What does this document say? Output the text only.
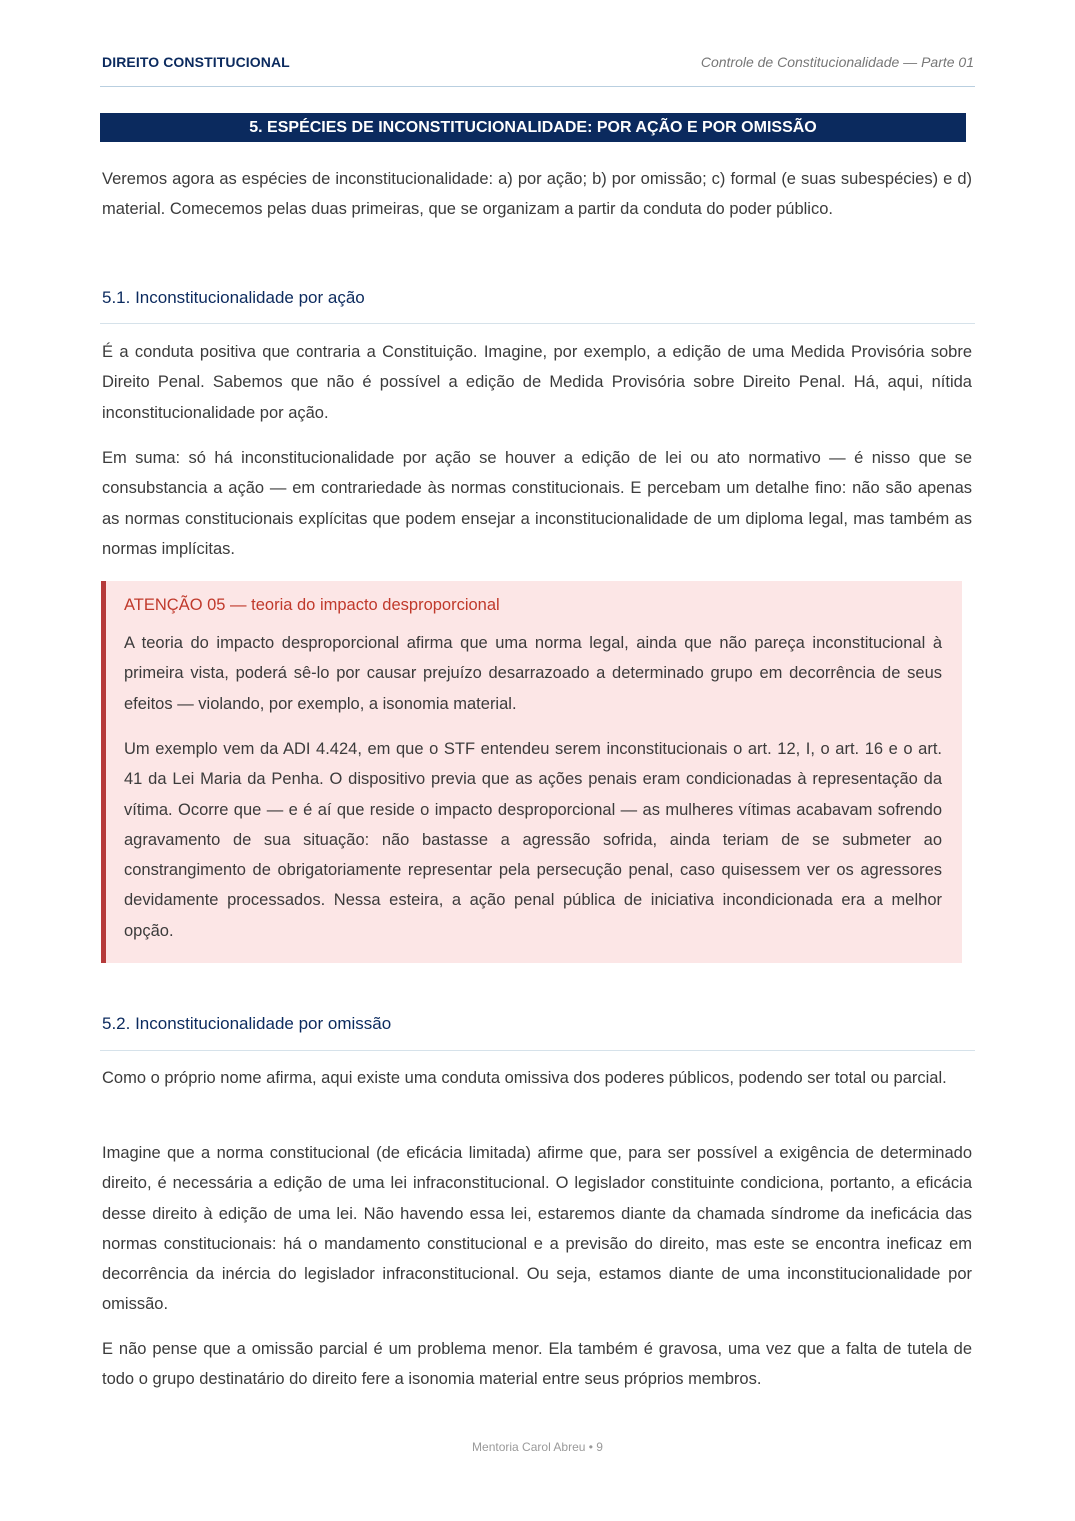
DIREITO CONSTITUCIONAL	Controle de Constitucionalidade — Parte 01
5. ESPÉCIES DE INCONSTITUCIONALIDADE: POR AÇÃO E POR OMISSÃO

Veremos agora as espécies de inconstitucionalidade: a) por ação; b) por omissão; c) formal (e suas subespécies) e d) material. Comecemos pelas duas primeiras, que se organizam a partir da conduta do poder público.

5.1. Inconstitucionalidade por ação

É a conduta positiva que contraria a Constituição. Imagine, por exemplo, a edição de uma Medida Provisória sobre Direito Penal. Sabemos que não é possível a edição de Medida Provisória sobre Direito Penal. Há, aqui, nítida inconstitucionalidade por ação.

Em suma: só há inconstitucionalidade por ação se houver a edição de lei ou ato normativo — é nisso que se consubstancia a ação — em contrariedade às normas constitucionais. E percebam um detalhe fino: não são apenas as normas constitucionais explícitas que podem ensejar a inconstitucionalidade de um diploma legal, mas também as normas implícitas.

ATENÇÃO 05 — teoria do impacto desproporcional

A teoria do impacto desproporcional afirma que uma norma legal, ainda que não pareça inconstitucional à primeira vista, poderá sê-lo por causar prejuízo desarrazoado a determinado grupo em decorrência de seus efeitos — violando, por exemplo, a isonomia material.

Um exemplo vem da ADI 4.424, em que o STF entendeu serem inconstitucionais o art. 12, I, o art. 16 e o art. 41 da Lei Maria da Penha. O dispositivo previa que as ações penais eram condicionadas à representação da vítima. Ocorre que — e é aí que reside o impacto desproporcional — as mulheres vítimas acabavam sofrendo agravamento de sua situação: não bastasse a agressão sofrida, ainda teriam de se submeter ao constrangimento de obrigatoriamente representar pela persecução penal, caso quisessem ver os agressores devidamente processados. Nessa esteira, a ação penal pública de iniciativa incondicionada era a melhor opção.

5.2. Inconstitucionalidade por omissão

Como o próprio nome afirma, aqui existe uma conduta omissiva dos poderes públicos, podendo ser total ou parcial.

Imagine que a norma constitucional (de eficácia limitada) afirme que, para ser possível a exigência de determinado direito, é necessária a edição de uma lei infraconstitucional. O legislador constituinte condiciona, portanto, a eficácia desse direito à edição de uma lei. Não havendo essa lei, estaremos diante da chamada síndrome da ineficácia das normas constitucionais: há o mandamento constitucional e a previsão do direito, mas este se encontra ineficaz em decorrência da inércia do legislador infraconstitucional. Ou seja, estamos diante de uma inconstitucionalidade por omissão.

E não pense que a omissão parcial é um problema menor. Ela também é gravosa, uma vez que a falta de tutela de todo o grupo destinatário do direito fere a isonomia material entre seus próprios membros.

Mentoria Carol Abreu • 9
